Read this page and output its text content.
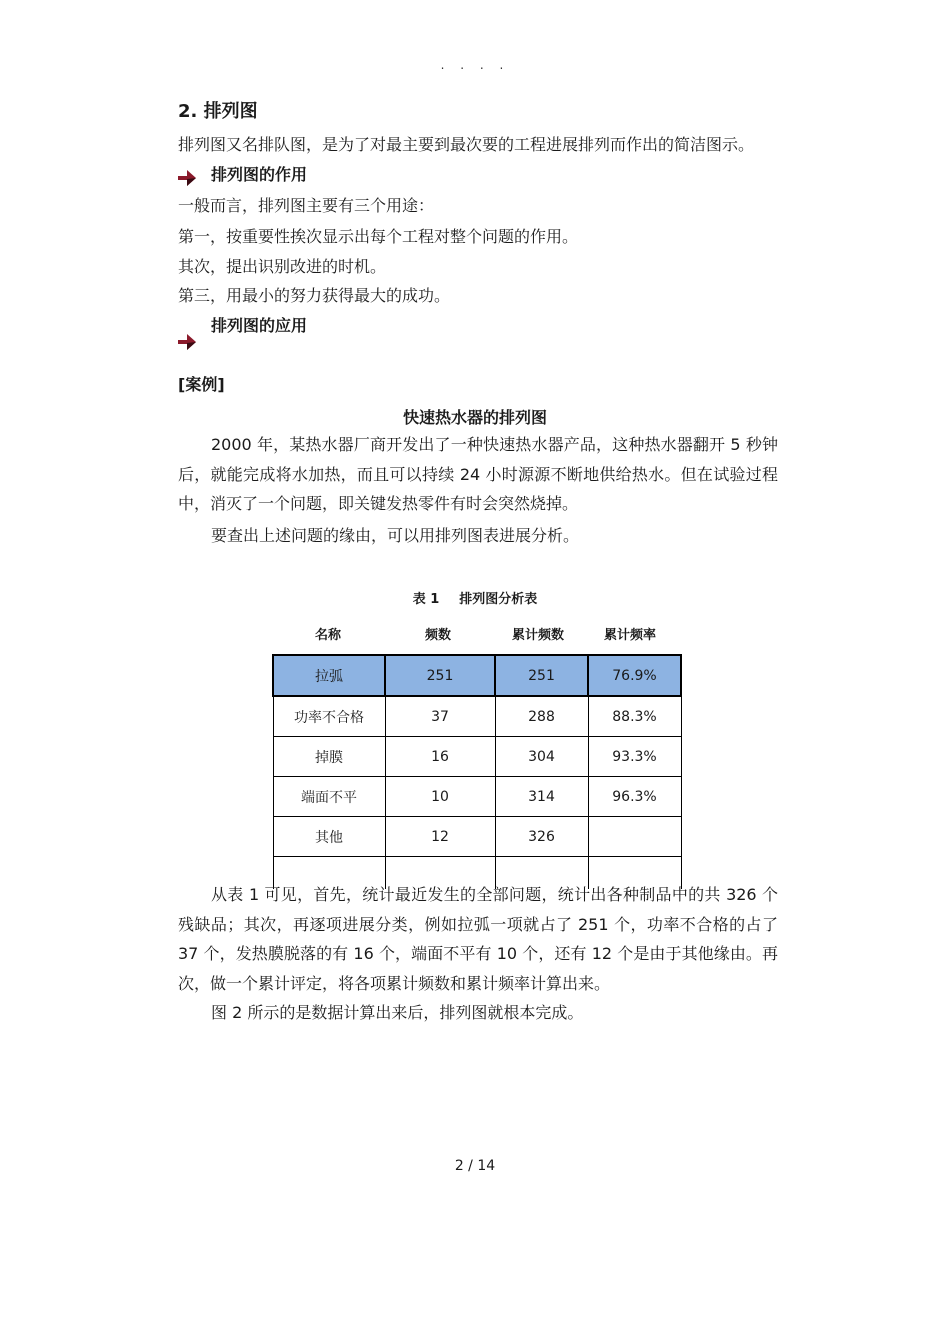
. . . .
2. 排列图
排列图又名排队图，是为了对最主要到最次要的工程进展排列而作出的简洁图示。
排列图的作用
一般而言，排列图主要有三个用途：
第一，按重要性挨次显示出每个工程对整个问题的作用。
其次，提出识别改进的时机。
第三，用最小的努力获得最大的成功。
排列图的应用
[案例]
快速热水器的排列图
2000 年，某热水器厂商开发出了一种快速热水器产品，这种热水器翻开 5 秒钟后，就能完成将水加热，而且可以持续 24 小时源源不断地供给热水。但在试验过程中，消灭了一个问题，即关键发热零件有时会突然烧掉。
要查出上述问题的缘由，可以用排列图表进展分析。
表 1 排列图分析表
名称	频数	累计频数	累计频率
拉弧	251	251	76.9%
功率不合格	37	288	88.3%
掉膜	16	304	93.3%
端面不平	10	314	96.3%
其他	12	326	

从表 1 可见，首先，统计最近发生的全部问题，统计出各种制品中的共 326 个残缺品；其次，再逐项进展分类，例如拉弧一项就占了 251 个，功率不合格的占了 37 个，发热膜脱落的有 16 个，端面不平有 10 个，还有 12 个是由于其他缘由。再次，做一个累计评定，将各项累计频数和累计频率计算出来。
图 2 所示的是数据计算出来后，排列图就根本完成。
2 / 14
